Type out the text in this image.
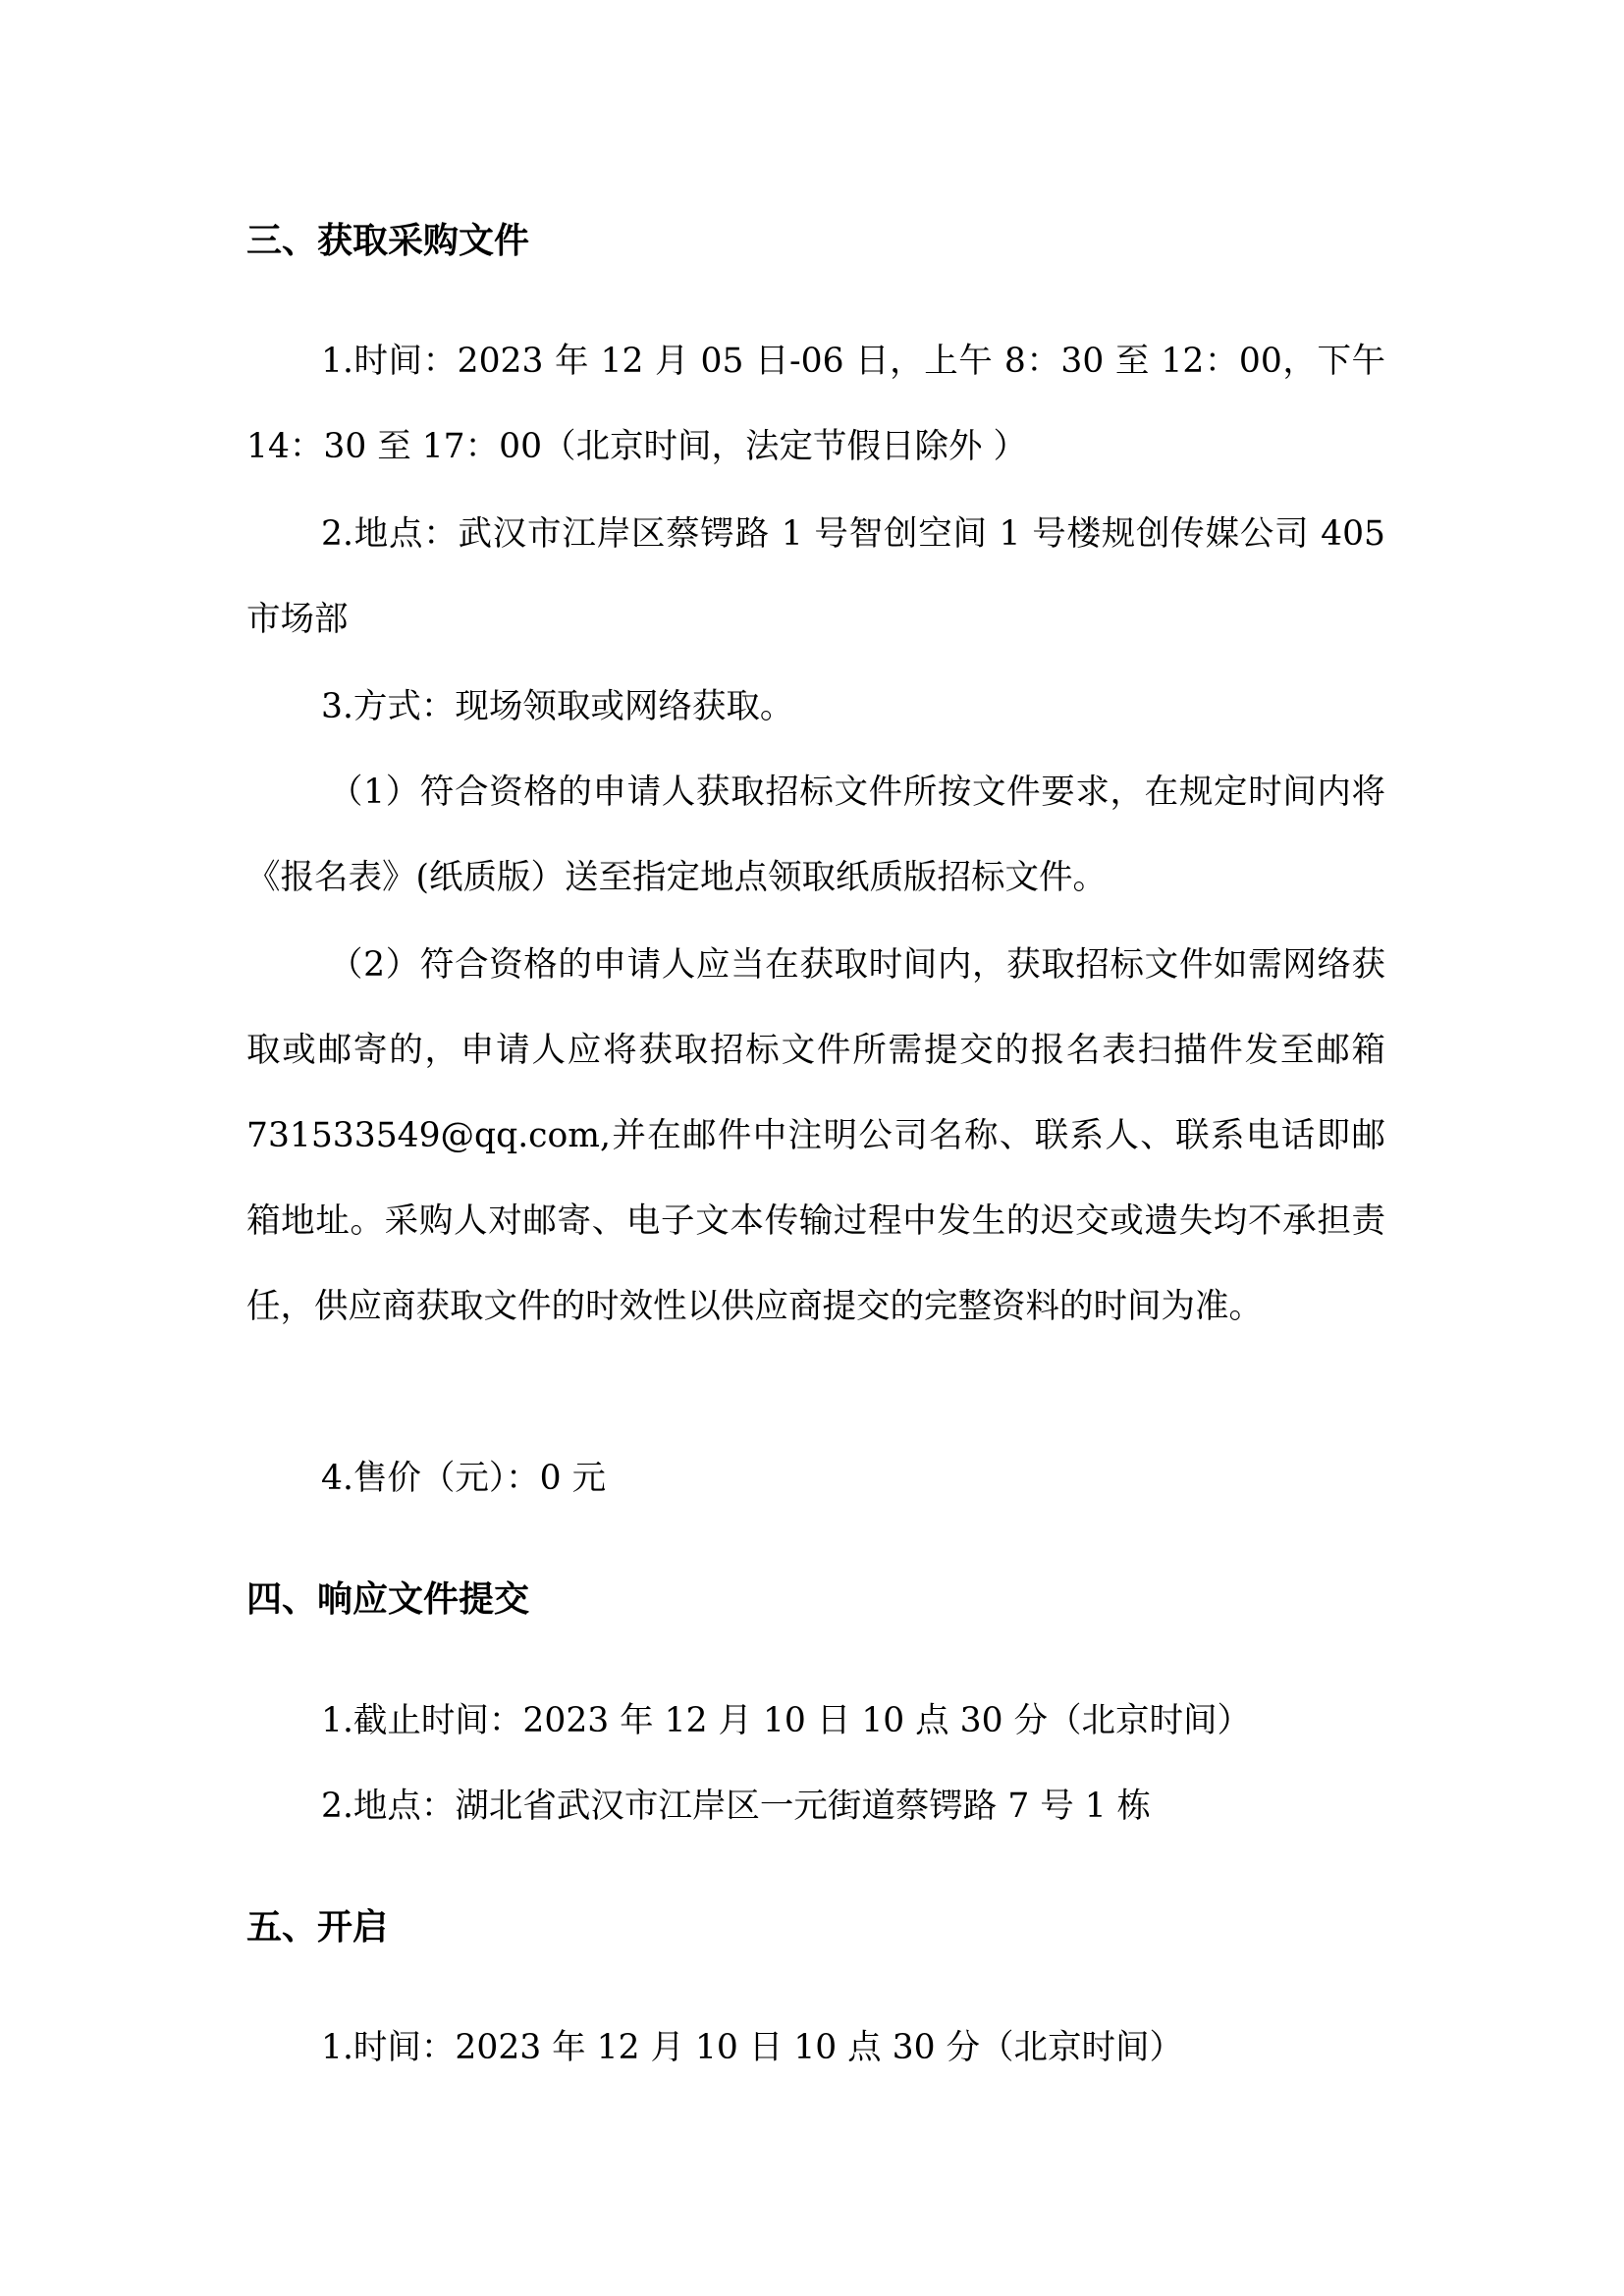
三、获取采购文件
1.时间：2023 年 12 月 05 日-06 日，上午 8：30 至 12：00，下午 14：30 至 17：00（北京时间，法定节假日除外 ）
2.地点：武汉市江岸区蔡锷路 1 号智创空间 1 号楼规创传媒公司 405 市场部
3.方式：现场领取或网络获取。
（1）符合资格的申请人获取招标文件所按文件要求，在规定时间内将《报名表》(纸质版）送至指定地点领取纸质版招标文件。
（2）符合资格的申请人应当在获取时间内，获取招标文件如需网络获取或邮寄的，申请人应将获取招标文件所需提交的报名表扫描件发至邮箱 731533549@qq.com,并在邮件中注明公司名称、联系人、联系电话即邮箱地址。采购人对邮寄、电子文本传输过程中发生的迟交或遗失均不承担责任，供应商获取文件的时效性以供应商提交的完整资料的时间为准。
4.售价（元）：0 元
四、响应文件提交
1.截止时间：2023 年 12 月 10 日 10 点 30 分（北京时间）
2.地点：湖北省武汉市江岸区一元街道蔡锷路 7 号 1 栋
五、开启
1.时间：2023 年 12 月 10 日 10 点 30 分（北京时间）
